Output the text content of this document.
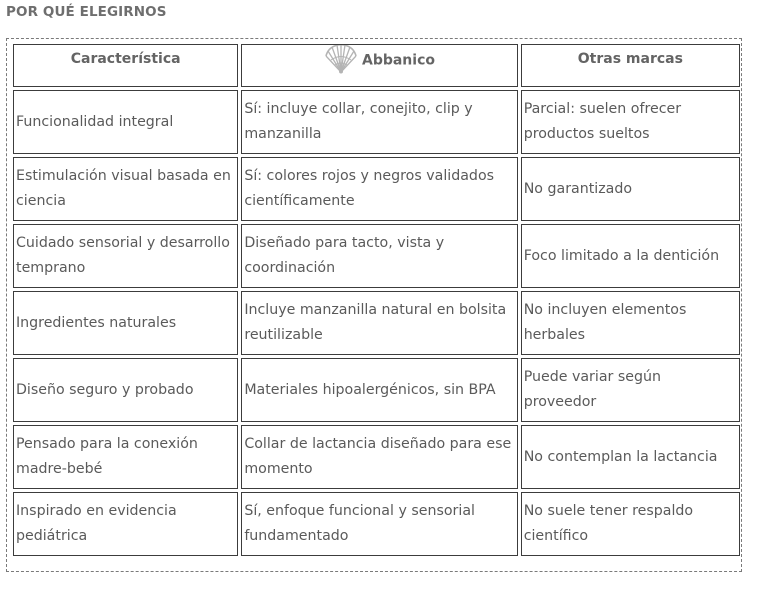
POR QUÉ ELEGIRNOS
Característica	Abbanico	Otras marcas
Funcionalidad integral	Sí: incluye collar, conejito, clip y manzanilla	Parcial: suelen ofrecer productos sueltos
Estimulación visual basada en ciencia	Sí: colores rojos y negros validados científicamente	No garantizado
Cuidado sensorial y desarrollo temprano	Diseñado para tacto, vista y coordinación	Foco limitado a la dentición
Ingredientes naturales	Incluye manzanilla natural en bolsita reutilizable	No incluyen elementos herbales
Diseño seguro y probado	Materiales hipoalergénicos, sin BPA	Puede variar según proveedor
Pensado para la conexión madre-bebé	Collar de lactancia diseñado para ese momento	No contemplan la lactancia
Inspirado en evidencia pediátrica	Sí, enfoque funcional y sensorial fundamentado	No suele tener respaldo científico
